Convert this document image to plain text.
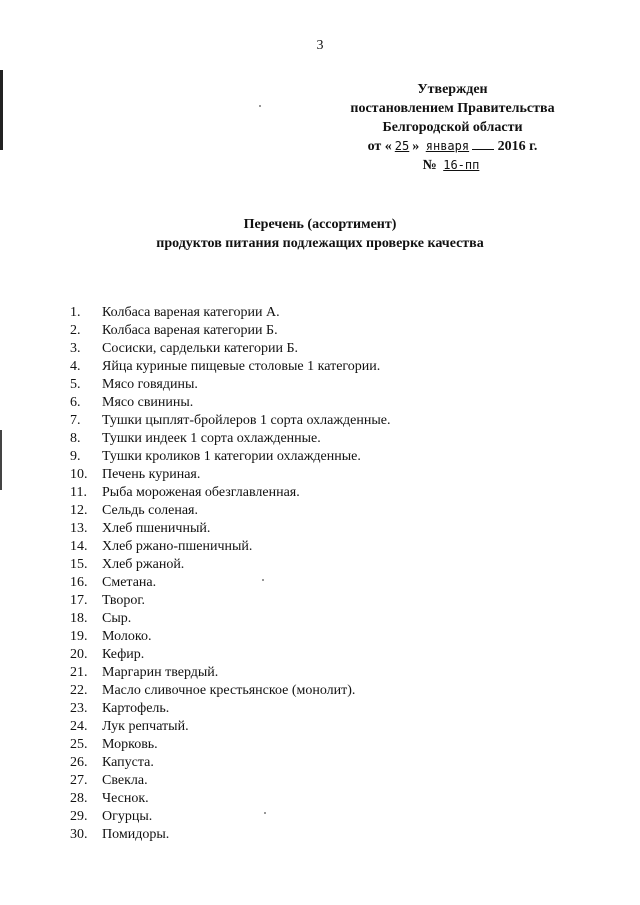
3
Утвержден
постановлением Правительства
Белгородской области
от « 25 » января 2016 г.
№ 16-пп
Перечень (ассортимент)
продуктов питания подлежащих проверке качества
1.	Колбаса вареная категории А.
2.	Колбаса вареная категории Б.
3.	Сосиски, сардельки категории Б.
4.	Яйца куриные пищевые столовые 1 категории.
5.	Мясо говядины.
6.	Мясо свинины.
7.	Тушки цыплят-бройлеров 1 сорта охлажденные.
8.	Тушки индеек 1 сорта охлажденные.
9.	Тушки кроликов 1 категории охлажденные.
10.	Печень куриная.
11.	Рыба мороженая обезглавленная.
12.	Сельдь соленая.
13.	Хлеб пшеничный.
14.	Хлеб ржано-пшеничный.
15.	Хлеб ржаной.
16.	Сметана.
17.	Творог.
18.	Сыр.
19.	Молоко.
20.	Кефир.
21.	Маргарин твердый.
22.	Масло сливочное крестьянское (монолит).
23.	Картофель.
24.	Лук репчатый.
25.	Морковь.
26.	Капуста.
27.	Свекла.
28.	Чеснок.
29.	Огурцы.
30.	Помидоры.
